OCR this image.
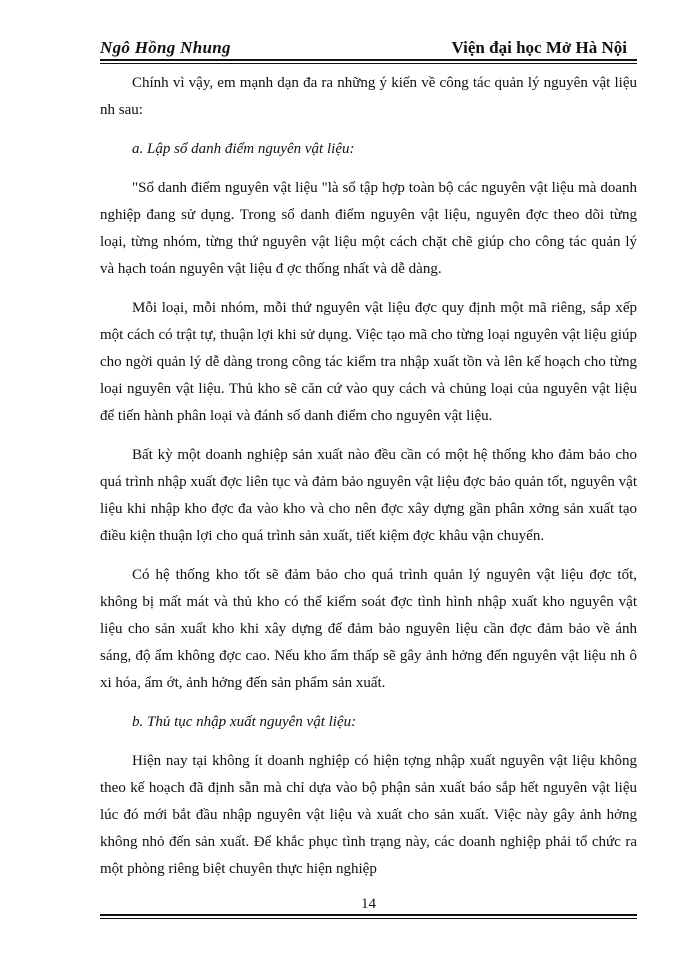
Ngô Hồng Nhung	Viện đại học Mở Hà Nội

Chính vì vậy, em mạnh dạn đa ra những ý kiến về công tác quản lý nguyên vật liệu nh sau:

a. Lập sổ danh điểm nguyên vật liệu:

"Sổ danh điểm nguyên vật liệu "là sổ tập hợp toàn bộ các nguyên vật liệu mà doanh nghiệp đang sử dụng. Trong sổ danh điểm nguyên vật liệu, nguyên đợc theo dõi từng loại, từng nhóm, từng thứ nguyên vật liệu một cách chặt chẽ giúp cho công tác quản lý và hạch toán nguyên vật liệu đ ợc thống nhất và dễ dàng.

Mỗi loại, mỗi nhóm, mỗi thứ nguyên vật liệu đợc quy định một mã riêng, sắp xếp một cách có trật tự, thuận lợi khi sử dụng. Việc tạo mã cho từng loại nguyên vật liệu giúp cho ngời quản lý dễ dàng trong công tác kiểm tra nhập xuất tồn và lên kế hoạch cho từng loại nguyên vật liệu. Thủ kho sẽ căn cứ vào quy cách và chủng loại của nguyên vật liệu để tiến hành phân loại và đánh số danh điểm cho nguyên vật liệu.

Bất kỳ một doanh nghiệp sản xuất nào đều cần có một hệ thống kho đảm bảo cho quá trình nhập xuất đợc liên tục và đảm bảo nguyên vật liệu đợc bảo quản tốt, nguyên vật liệu khi nhập kho đợc đa vào kho và cho nên đợc xây dựng gần phân xởng sản xuất tạo điều kiện thuận lợi cho quá trình sản xuất, tiết kiệm đợc khâu vận chuyển.

Có hệ thống kho tốt sẽ đảm bảo cho quá trình quản lý nguyên vật liệu đợc tốt, không bị mất mát và thủ kho có thể kiểm soát đợc tình hình nhập xuất kho nguyên vật liệu cho sản xuất kho khi xây dựng để đảm bảo nguyên liệu cần đợc đảm bảo về ánh sáng, độ ẩm không đợc cao. Nếu kho ẩm thấp sẽ gây ảnh hởng đến nguyên vật liệu nh ô xi hóa, ẩm ớt, ảnh hởng đến sản phẩm sản xuất.

b. Thủ tục nhập xuất nguyên vật liệu:

Hiện nay tại không ít doanh nghiệp có hiện tợng nhập xuất nguyên vật liệu không theo kế hoạch đã định sẵn mà chỉ dựa vào bộ phận sản xuất báo sắp hết nguyên vật liệu lúc đó mới bắt đầu nhập nguyên vật liệu và xuất cho sản xuất. Việc này gây ảnh hởng không nhỏ đến sản xuất. Để khắc phục tình trạng này, các doanh nghiệp phải tổ chức ra một phòng riêng biệt chuyên thực hiện nghiệp

14
